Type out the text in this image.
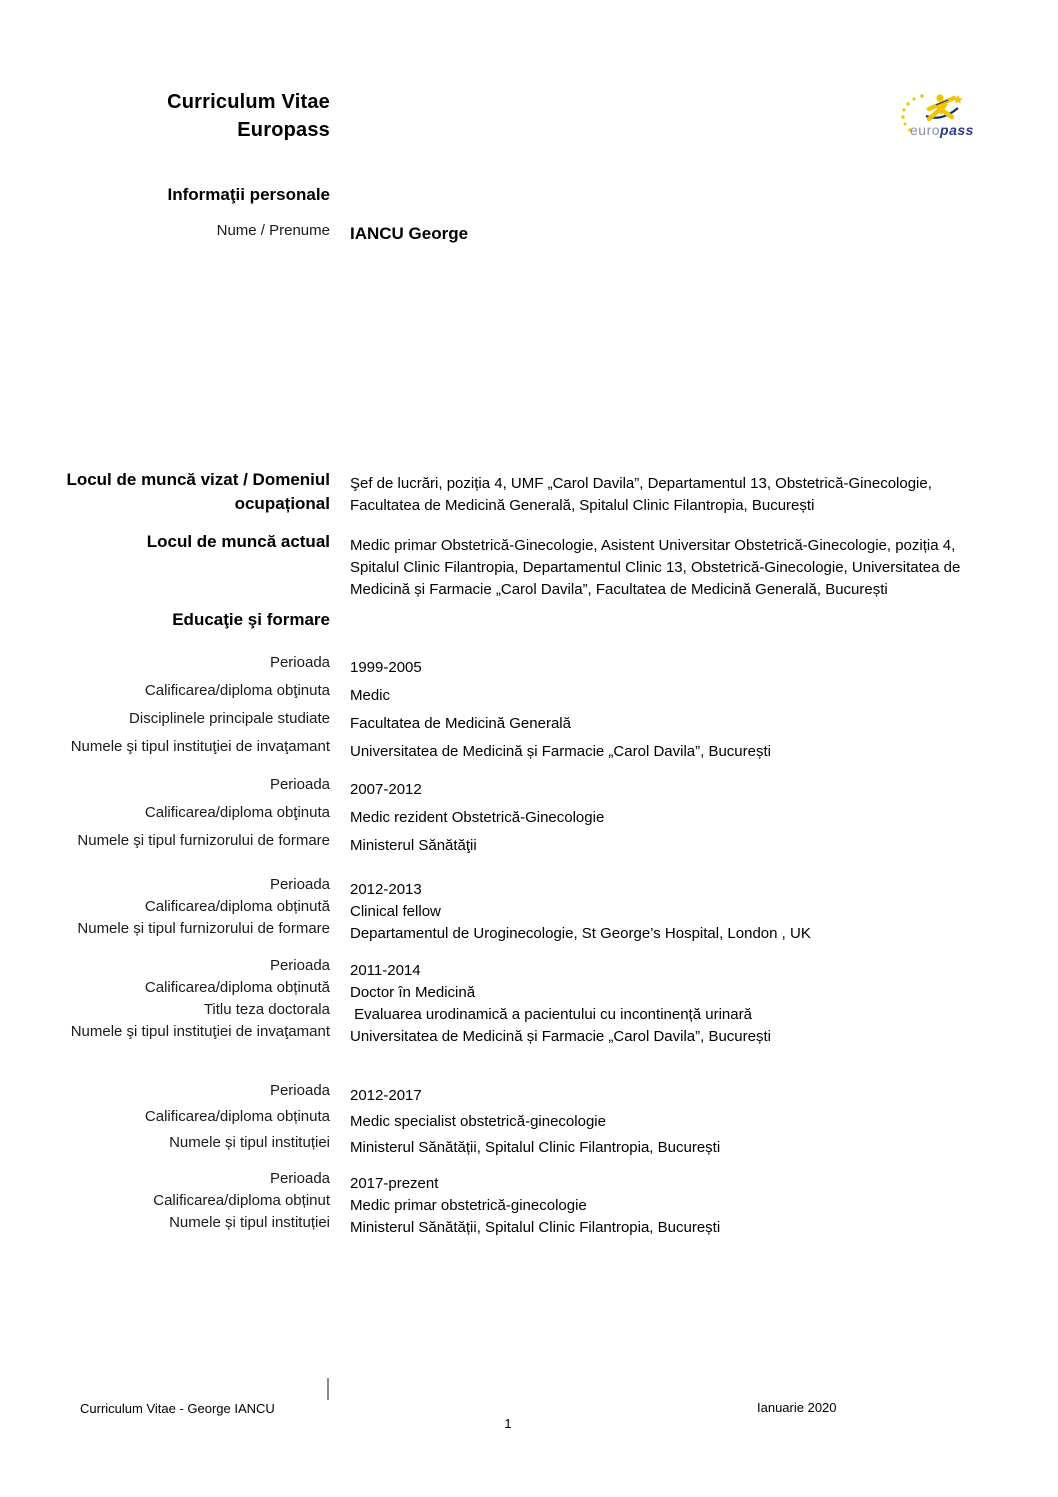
Curriculum Vitae
Europass	europass
Informaţii personale
Nume / Prenume IANCU George
Locul de muncă vizat / Domeniul ocupațional
Şef de lucrări, poziția 4, UMF „Carol Davila”, Departamentul 13, Obstetrică-Ginecologie, Facultatea de Medicină Generală, Spitalul Clinic Filantropia, București
Locul de muncă actual Medic primar Obstetrică-Ginecologie, Asistent Universitar Obstetrică-Ginecologie, poziția 4, Spitalul Clinic Filantropia, Departamentul Clinic 13, Obstetrică-Ginecologie, Universitatea de Medicină și Farmacie „Carol Davila”, Facultatea de Medicină Generală, București
Educaţie şi formare
Perioada 1999-2005
Calificarea/diploma obţinuta Medic
Disciplinele principale studiate Facultatea de Medicină Generală
Numele şi tipul instituţiei de invaţamant Universitatea de Medicină și Farmacie „Carol Davila”, București
Perioada 2007-2012
Calificarea/diploma obţinuta Medic rezident Obstetrică-Ginecologie
Numele şi tipul furnizorului de formare Ministerul Sănătăţii
Perioada 2012-2013
Calificarea/diploma obținută Clinical fellow
Numele și tipul furnizorului de formare Departamentul de Uroginecologie, St George’s Hospital, London , UK
Perioada 2011-2014
Calificarea/diploma obținută Doctor în Medicină
Titlu teza doctorala Evaluarea urodinamică a pacientului cu incontinență urinară
Numele şi tipul instituţiei de invaţamant Universitatea de Medicină și Farmacie „Carol Davila”, București
Perioada 2012-2017
Calificarea/diploma obținuta Medic specialist obstetrică-ginecologie
Numele și tipul instituției Ministerul Sănătății, Spitalul Clinic Filantropia, București
Perioada 2017-prezent
Calificarea/diploma obținut Medic primar obstetrică-ginecologie
Numele și tipul instituției Ministerul Sănătății, Spitalul Clinic Filantropia, București
Curriculum Vitae - George IANCU	Ianuarie 2020
1
